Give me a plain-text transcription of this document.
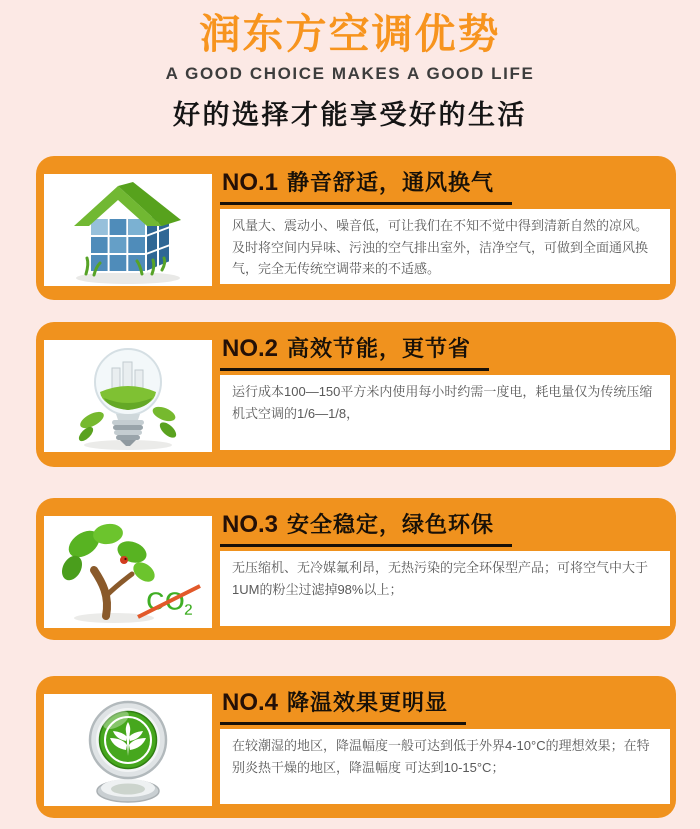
润东方空调优势
A GOOD CHOICE MAKES A GOOD LIFE
好的选择才能享受好的生活
NO.1 静音舒适，通风换气

风量大、震动小、噪音低，可让我们在不知不觉中得到清新自然的凉风。及时将空间内异味、污浊的空气排出室外，洁净空气，可做到全面通风换气，完全无传统空调带来的不适感。

NO.2 高效节能，更节省

运行成本100—150平方米内使用每小时约需一度电，耗电量仅为传统压缩机式空调的1/6—1/8，

CO 2
NO.3 安全稳定，绿色环保

无压缩机、无冷媒氟利昂，无热污染的完全环保型产品；可将空气中大于1UM的粉尘过滤掉98%以上；

NO.4 降温效果更明显

在较潮湿的地区，降温幅度一般可达到低于外界4-10°C的理想效果；在特别炎热干燥的地区，降温幅度 可达到10-15°C；
